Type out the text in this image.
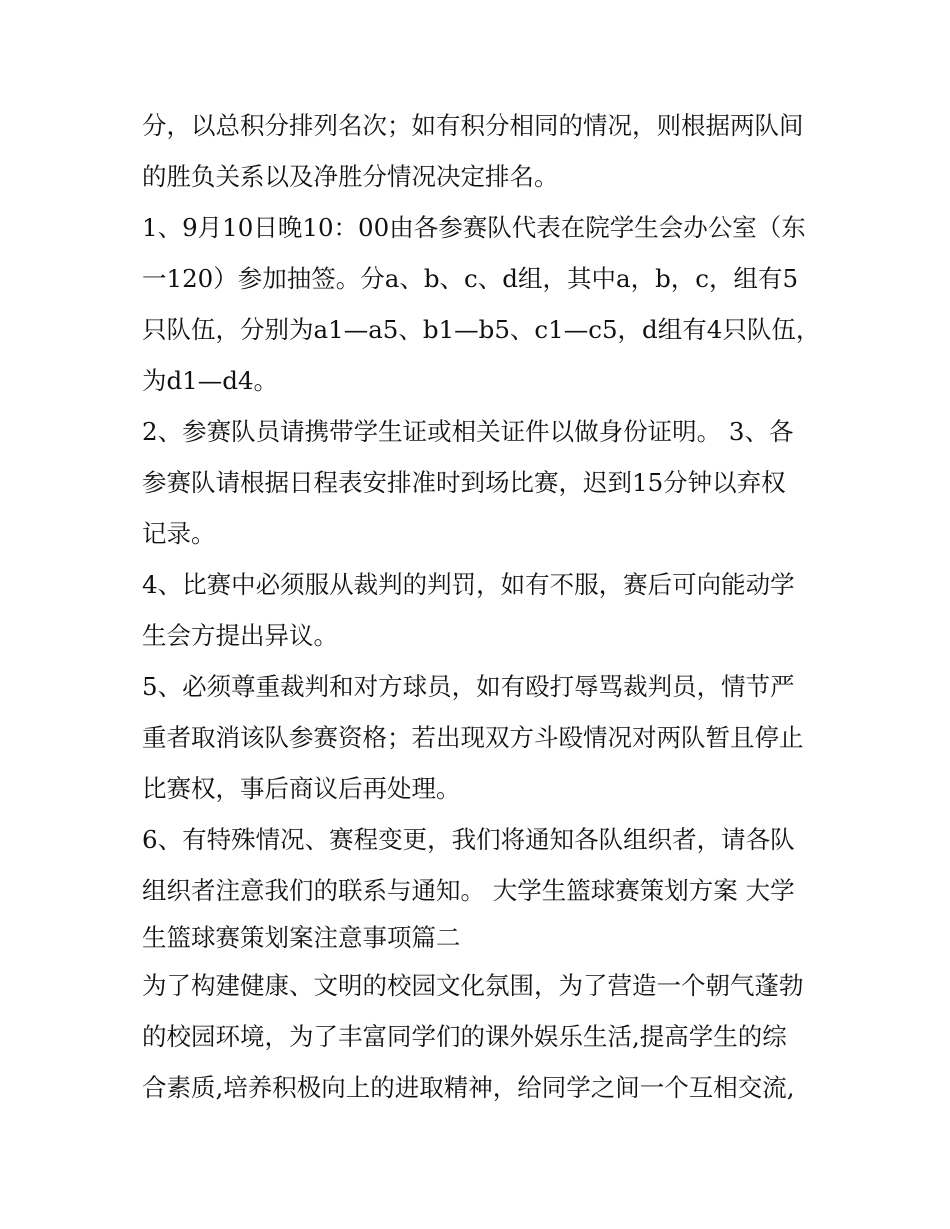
分，以总积分排列名次；如有积分相同的情况，则根据两队间
的胜负关系以及净胜分情况决定排名。
1、9月10日晚10：00由各参赛队代表在院学生会办公室（东
一120）参加抽签。分a、b、c、d组，其中a，b，c，组有5
只队伍，分别为a1—a5、b1—b5、c1—c5，d组有4只队伍，
为d1—d4。
2、参赛队员请携带学生证或相关证件以做身份证明。 3、各
参赛队请根据日程表安排准时到场比赛，迟到15分钟以弃权
记录。
4、比赛中必须服从裁判的判罚，如有不服，赛后可向能动学
生会方提出异议。
5、必须尊重裁判和对方球员，如有殴打辱骂裁判员，情节严
重者取消该队参赛资格；若出现双方斗殴情况对两队暂且停止
比赛权，事后商议后再处理。
6、有特殊情况、赛程变更，我们将通知各队组织者，请各队
组织者注意我们的联系与通知。 大学生篮球赛策划方案 大学
生篮球赛策划案注意事项篇二
为了构建健康、文明的校园文化氛围，为了营造一个朝气蓬勃
的校园环境，为了丰富同学们的课外娱乐生活,提高学生的综
合素质,培养积极向上的进取精神，给同学之间一个互相交流,
